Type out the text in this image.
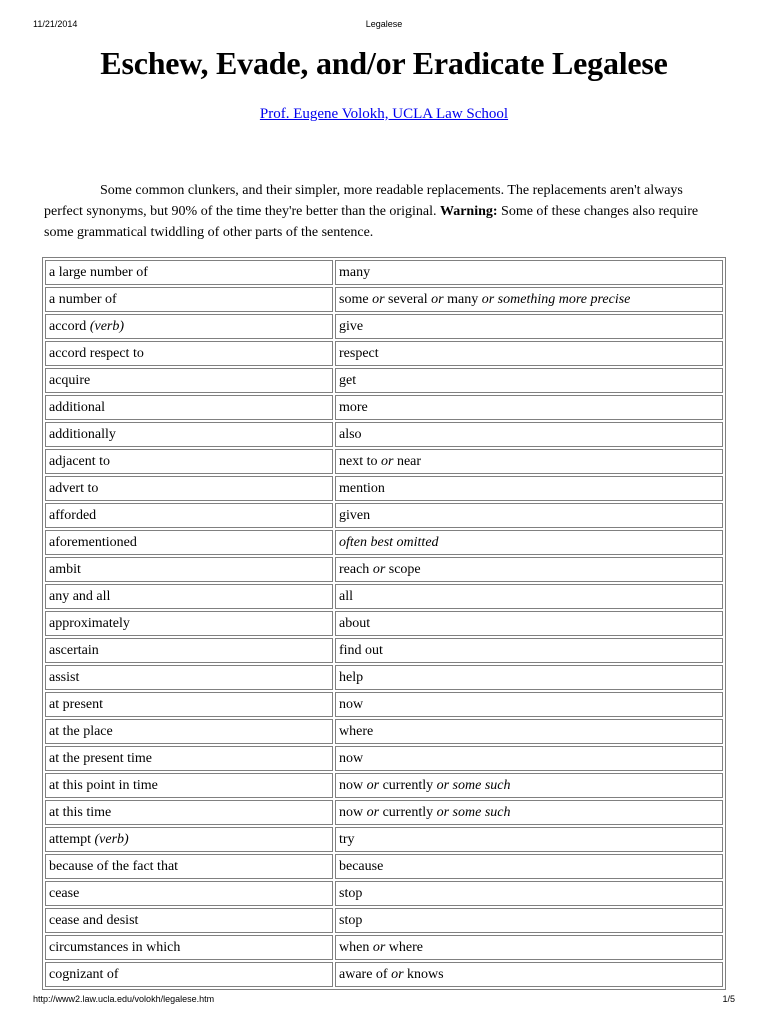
11/21/2014	Legalese
Eschew, Evade, and/or Eradicate Legalese
Prof. Eugene Volokh, UCLA Law School

Some common clunkers, and their simpler, more readable replacements. The replacements aren't always perfect synonyms, but 90% of the time they're better than the original. Warning: Some of these changes also require some grammatical twiddling of other parts of the sentence.

a large number of	many
a number of	some or several or many or something more precise
accord (verb)	give
accord respect to	respect
acquire	get
additional	more
additionally	also
adjacent to	next to or near
advert to	mention
afforded	given
aforementioned	often best omitted
ambit	reach or scope
any and all	all
approximately	about
ascertain	find out
assist	help
at present	now
at the place	where
at the present time	now
at this point in time	now or currently or some such
at this time	now or currently or some such
attempt (verb)	try
because of the fact that	because
cease	stop
cease and desist	stop
circumstances in which	when or where
cognizant of	aware of or knows
http://www2.law.ucla.edu/volokh/legalese.htm	1/5
